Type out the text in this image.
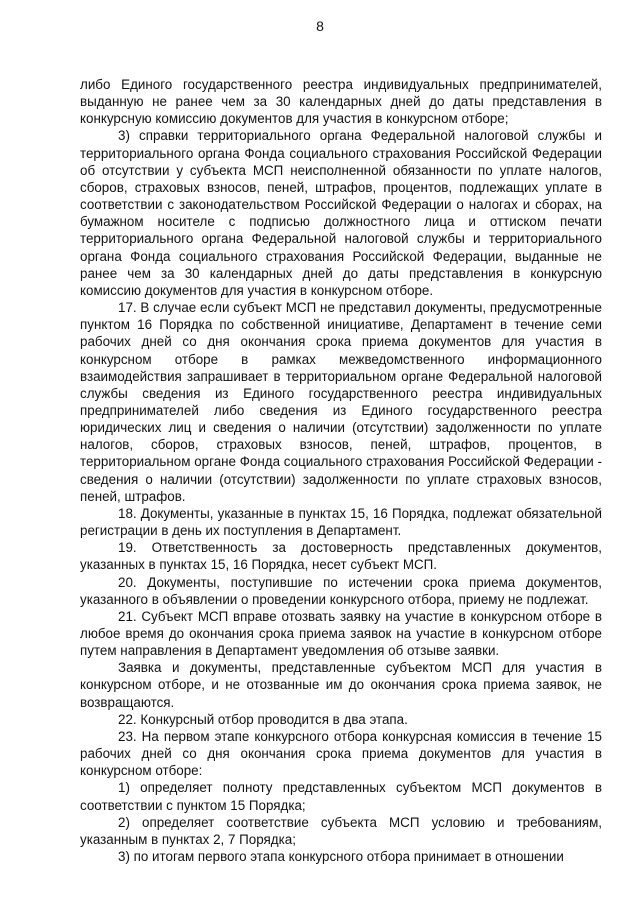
8

либо Единого государственного реестра индивидуальных предпринимателей, выданную не ранее чем за 30 календарных дней до даты представления в конкурсную комиссию документов для участия в конкурсном отборе;

3) справки территориального органа Федеральной налоговой службы и территориального органа Фонда социального страхования Российской Федерации об отсутствии у субъекта МСП неисполненной обязанности по уплате налогов, сборов, страховых взносов, пеней, штрафов, процентов, подлежащих уплате в соответствии с законодательством Российской Федерации о налогах и сборах, на бумажном носителе с подписью должностного лица и оттиском печати территориального органа Федеральной налоговой службы и территориального органа Фонда социального страхования Российской Федерации, выданные не ранее чем за 30 календарных дней до даты представления в конкурсную комиссию документов для участия в конкурсном отборе.

17. В случае если субъект МСП не представил документы, предусмотренные пунктом 16 Порядка по собственной инициативе, Департамент в течение семи рабочих дней со дня окончания срока приема документов для участия в конкурсном отборе в рамках межведомственного информационного взаимодействия запрашивает в территориальном органе Федеральной налоговой службы сведения из Единого государственного реестра индивидуальных предпринимателей либо сведения из Единого государственного реестра юридических лиц и сведения о наличии (отсутствии) задолженности по уплате налогов, сборов, страховых взносов, пеней, штрафов, процентов, в территориальном органе Фонда социального страхования Российской Федерации - сведения о наличии (отсутствии) задолженности по уплате страховых взносов, пеней, штрафов.

18. Документы, указанные в пунктах 15, 16 Порядка, подлежат обязательной регистрации в день их поступления в Департамент.

19. Ответственность за достоверность представленных документов, указанных в пунктах 15, 16 Порядка, несет субъект МСП.

20. Документы, поступившие по истечении срока приема документов, указанного в объявлении о проведении конкурсного отбора, приему не подлежат.

21. Субъект МСП вправе отозвать заявку на участие в конкурсном отборе в любое время до окончания срока приема заявок на участие в конкурсном отборе путем направления в Департамент уведомления об отзыве заявки.

Заявка и документы, представленные субъектом МСП для участия в конкурсном отборе, и не отозванные им до окончания срока приема заявок, не возвращаются.

22. Конкурсный отбор проводится в два этапа.

23. На первом этапе конкурсного отбора конкурсная комиссия в течение 15 рабочих дней со дня окончания срока приема документов для участия в конкурсном отборе:

1) определяет полноту представленных субъектом МСП документов в соответствии с пунктом 15 Порядка;

2) определяет соответствие субъекта МСП условию и требованиям, указанным в пунктах 2, 7 Порядка;

3) по итогам первого этапа конкурсного отбора принимает в отношении
